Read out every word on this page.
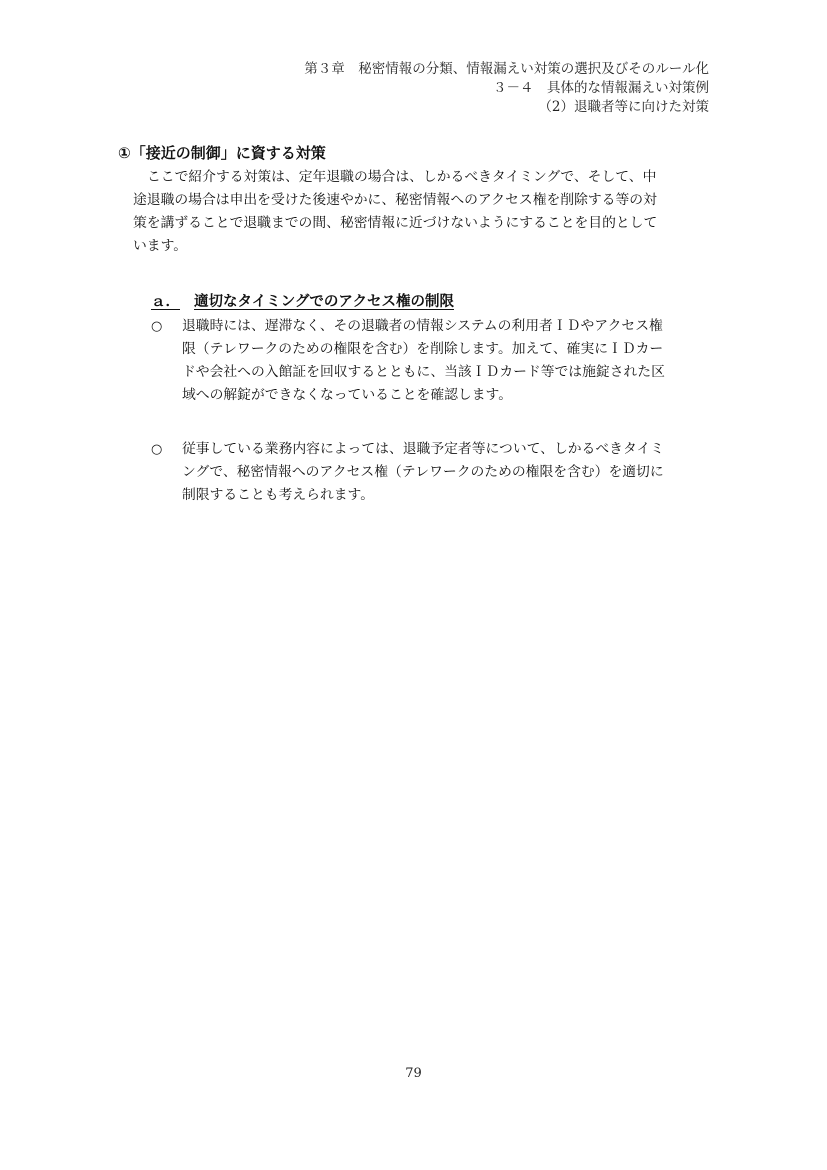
第３章　秘密情報の分類、情報漏えい対策の選択及びそのルール化
３－４　具体的な情報漏えい対策例
（2）退職者等に向けた対策
①「接近の制御」に資する対策
ここで紹介する対策は、定年退職の場合は、しかるべきタイミングで、そして、中
途退職の場合は申出を受けた後速やかに、秘密情報へのアクセス権を削除する等の対
策を講ずることで退職までの間、秘密情報に近づけないようにすることを目的として
います。
ａ． 適切なタイミングでのアクセス権の制限
○ 退職時には、遅滞なく、その退職者の情報システムの利用者ＩＤやアクセス権
限（テレワークのための権限を含む）を削除します。加えて、確実にＩＤカー
ドや会社への入館証を回収するとともに、当該ＩＤカード等では施錠された区
域への解錠ができなくなっていることを確認します。
○ 従事している業務内容によっては、退職予定者等について、しかるべきタイミ
ングで、秘密情報へのアクセス権（テレワークのための権限を含む）を適切に
制限することも考えられます。
79
